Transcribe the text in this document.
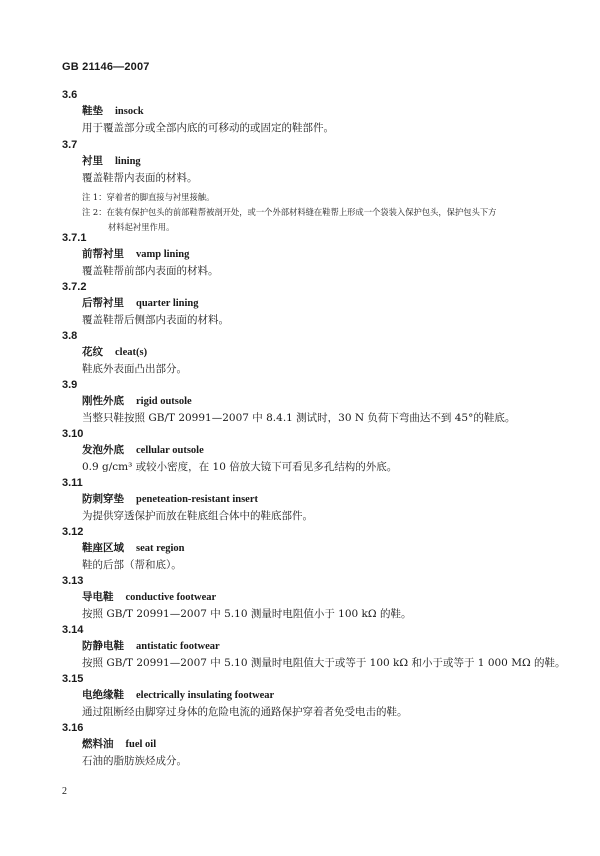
GB 21146—2007
3.6
鞋垫 insock
用于覆盖部分或全部内底的可移动的或固定的鞋部件。
3.7
衬里 lining
覆盖鞋帮内表面的材料。
注 1：穿着者的脚直接与衬里接触。
注 2：在装有保护包头的前部鞋帮被剖开处，或一个外部材料缝在鞋帮上形成一个袋装入保护包头，保护包头下方
材料起衬里作用。
3.7.1
前帮衬里 vamp lining
覆盖鞋帮前部内表面的材料。
3.7.2
后帮衬里 quarter lining
覆盖鞋帮后侧部内表面的材料。
3.8
花纹 cleat(s)
鞋底外表面凸出部分。
3.9
刚性外底 rigid outsole
当整只鞋按照 GB/T 20991—2007 中 8.4.1 测试时，30 N 负荷下弯曲达不到 45°的鞋底。
3.10
发泡外底 cellular outsole
0.9 g/cm³ 或较小密度，在 10 倍放大镜下可看见多孔结构的外底。
3.11
防刺穿垫 peneteation-resistant insert
为提供穿透保护而放在鞋底组合体中的鞋底部件。
3.12
鞋座区域 seat region
鞋的后部（帮和底）。
3.13
导电鞋 conductive footwear
按照 GB/T 20991—2007 中 5.10 测量时电阻值小于 100 kΩ 的鞋。
3.14
防静电鞋 antistatic footwear
按照 GB/T 20991—2007 中 5.10 测量时电阻值大于或等于 100 kΩ 和小于或等于 1 000 MΩ 的鞋。
3.15
电绝缘鞋 electrically insulating footwear
通过阻断经由脚穿过身体的危险电流的通路保护穿着者免受电击的鞋。
3.16
燃料油 fuel oil
石油的脂肪族烃成分。
2
